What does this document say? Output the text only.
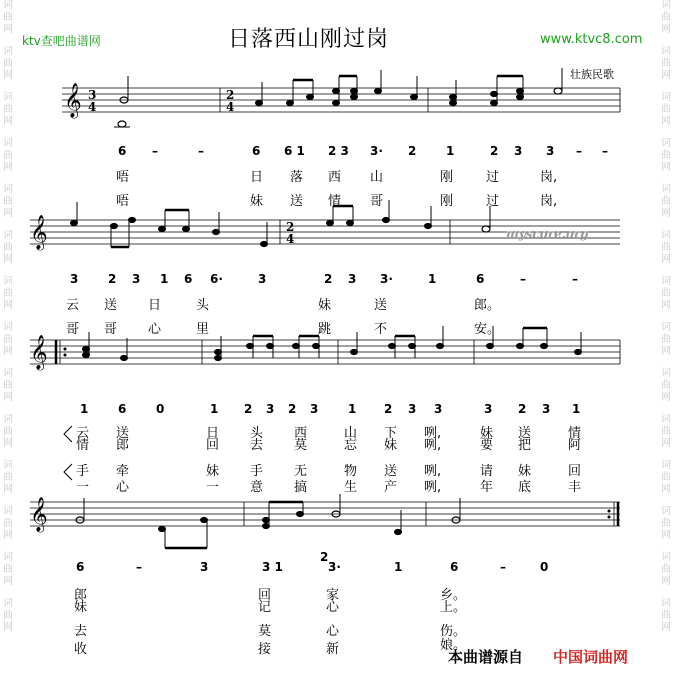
词
曲
网
词
曲
网
词
曲
网
词
曲
网
词
曲
网
词
曲
网
词
曲
网
词
曲
网
词
曲
网
词
曲
网
词
曲
网
词
曲
网
词
曲
网
词
曲
网
词
曲
网
词
曲
网
词
曲
网
词
曲
网
词
曲
网
词
曲
网
词
曲
网
词
曲
网
词
曲
网
词
曲
网
词
曲
网
词
曲
网
词
曲
网
词
曲
网
ktv查吧曲谱网	日落西山刚过岗	www.ktvc8.com
壮族民歌
𝄞 3
4
2
4
𝄞	2
4	myscore.org
𝄞
𝄞
6 –	–	6 6 1 2 3 3· 2 1	2 3 3 – –
唔	日 落 西 山	刚	过	岗,
唔	妹 送 情 哥	刚	过	岗,
3 2 3 1 6 6·	3	2 3 3·	1	6	–	–
云 送 日	头	妹	送	郎。
哥 哥 心	里	跳	不	安。
1 6 0	1 2 3 2 3 1 2 3 3	3 2 3 1
云 送	日 头 西	山 下 咧,	妹 送	情
情 郎	回 去 莫	忘 妹 咧,	要 把	阿
手 牵	妹 手 无	物 送 咧,	请 妹	回
一 心	一 意 搞	生 产 咧,	年 底	丰
6	–	3	3 1
2
3·	1	6	–	0
郎	回	家	乡。
妹	记	心	上。
去	莫	心	伤。
收	接	新	娘。
本曲谱源自 中国词曲网
